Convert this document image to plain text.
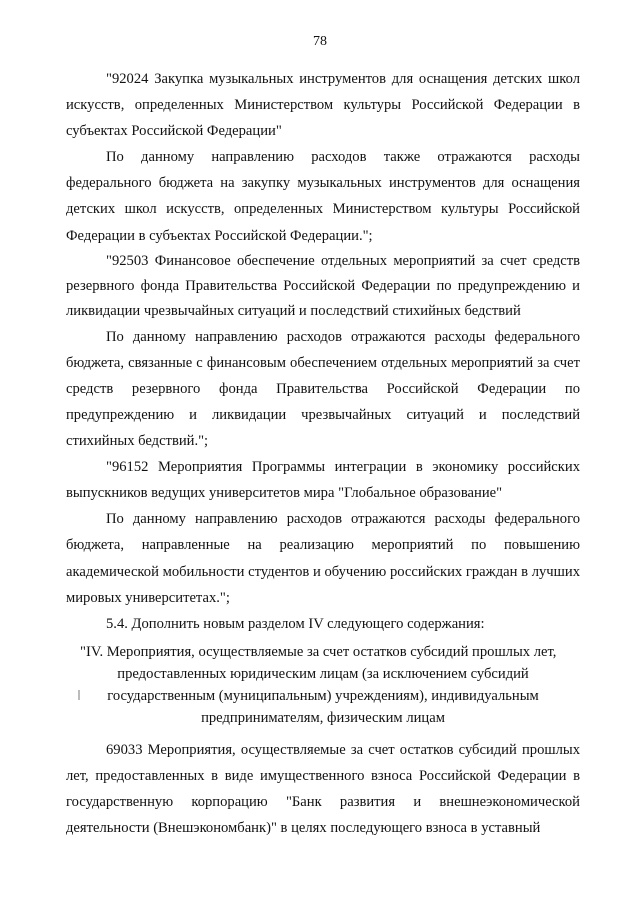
78

"92024 Закупка музыкальных инструментов для оснащения детских школ искусств, определенных Министерством культуры Российской Федерации в субъектах Российской Федерации"

По данному направлению расходов также отражаются расходы федерального бюджета на закупку музыкальных инструментов для оснащения детских школ искусств, определенных Министерством культуры Российской Федерации в субъектах Российской Федерации.";

"92503 Финансовое обеспечение отдельных мероприятий за счет средств резервного фонда Правительства Российской Федерации по предупреждению и ликвидации чрезвычайных ситуаций и последствий стихийных бедствий

По данному направлению расходов отражаются расходы федерального бюджета, связанные с финансовым обеспечением отдельных мероприятий за счет средств резервного фонда Правительства Российской Федерации по предупреждению и ликвидации чрезвычайных ситуаций и последствий стихийных бедствий.";

"96152 Мероприятия Программы интеграции в экономику российских выпускников ведущих университетов мира "Глобальное образование"

По данному направлению расходов отражаются расходы федерального бюджета, направленные на реализацию мероприятий по повышению академической мобильности студентов и обучению российских граждан в лучших мировых университетах.";

5.4. Дополнить новым разделом IV следующего содержания:

"IV. Мероприятия, осуществляемые за счет остатков субсидий прошлых лет,
предоставленных юридическим лицам (за исключением субсидий
государственным (муниципальным) учреждениям), индивидуальным
предпринимателям, физическим лицам

69033 Мероприятия, осуществляемые за счет остатков субсидий прошлых лет, предоставленных в виде имущественного взноса Российской Федерации в государственную корпорацию "Банк развития и внешнеэкономической деятельности (Внешэкономбанк)" в целях последующего взноса в уставный
